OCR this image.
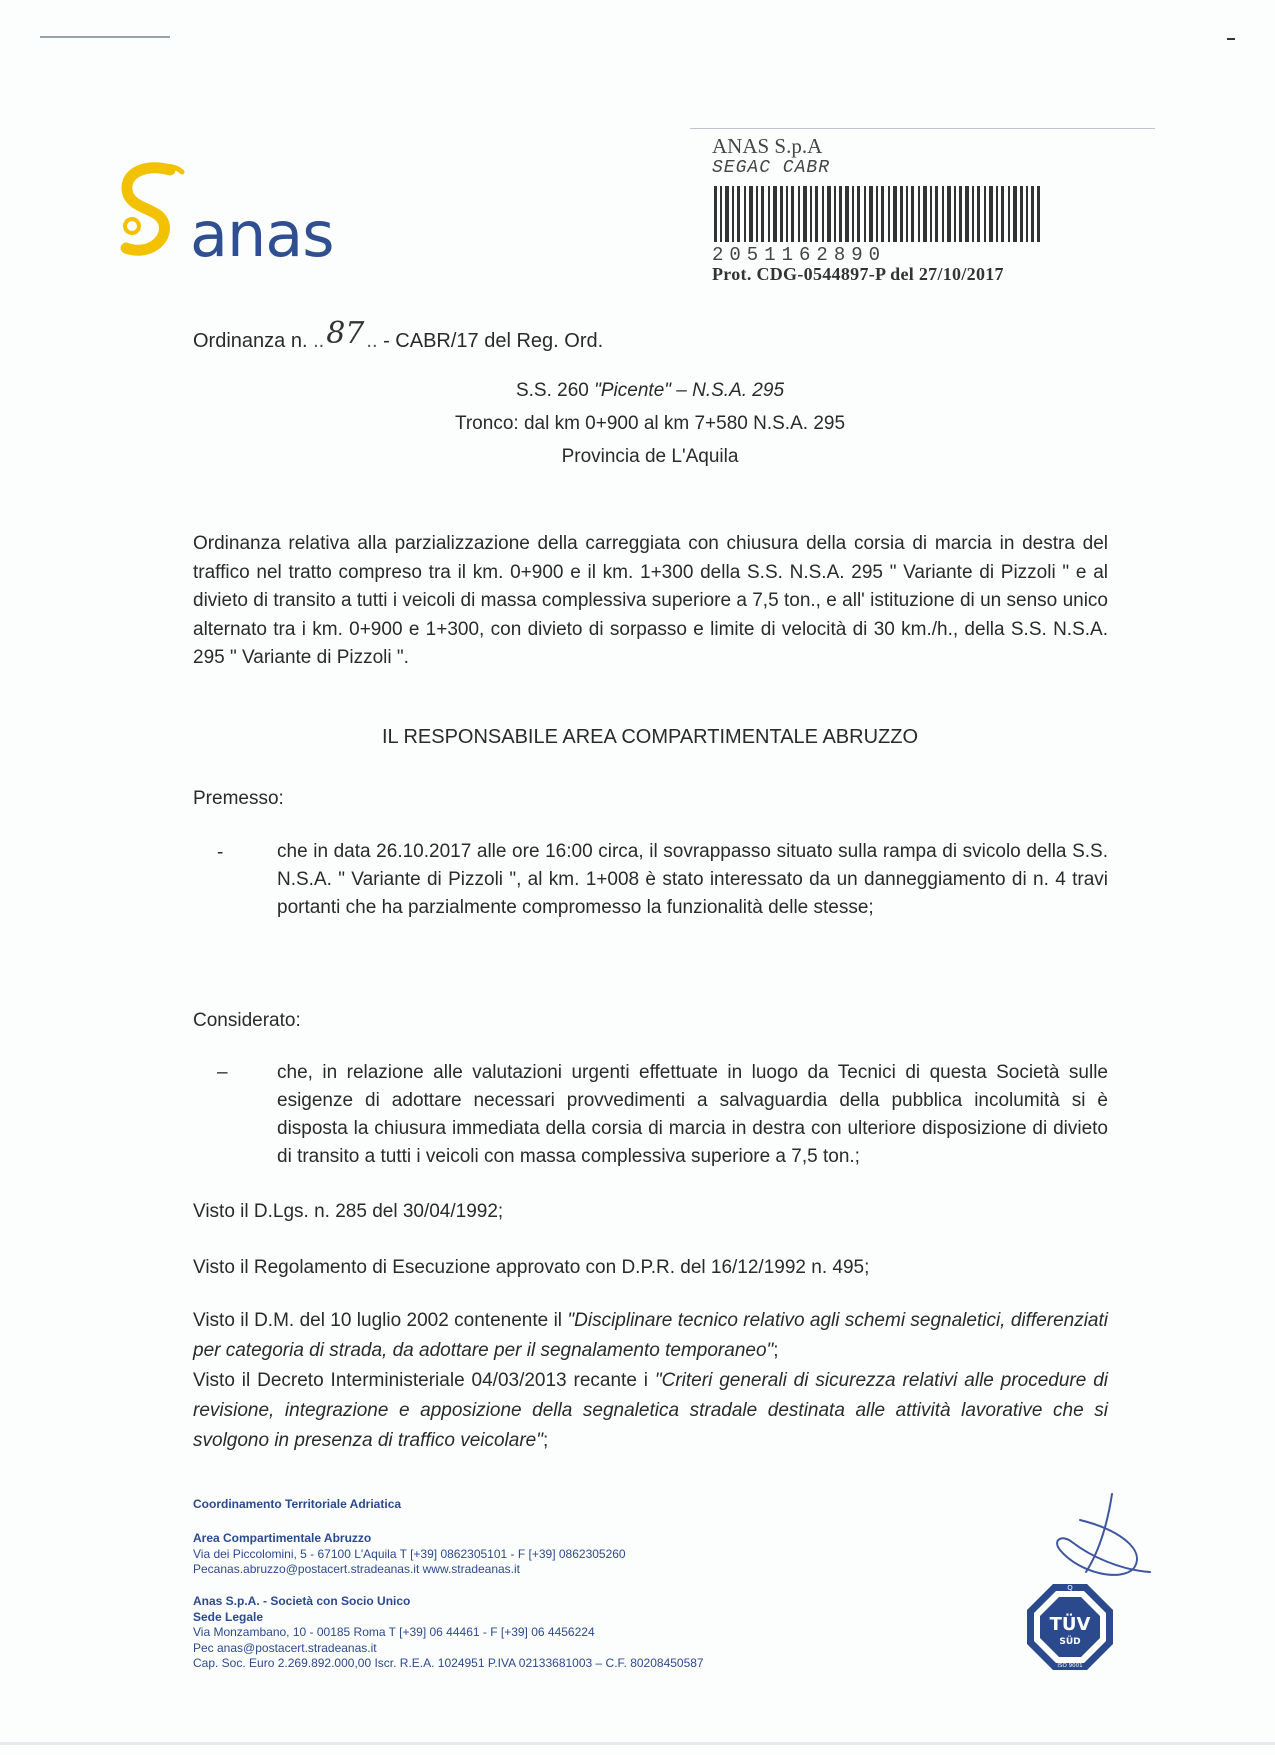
anas
ANAS S.p.A
SEGAC CABR
2051162890
Prot. CDG-0544897-P del 27/10/2017
Ordinanza n. ..87 .. - CABR/17 del Reg. Ord.
S.S. 260 "Picente" – N.S.A. 295
Tronco: dal km 0+900 al km 7+580 N.S.A. 295
Provincia de L'Aquila
Ordinanza relativa alla parzializzazione della carreggiata con chiusura della corsia di marcia in destra del traffico nel tratto compreso tra il km. 0+900 e il km. 1+300 della S.S. N.S.A. 295 " Variante di Pizzoli " e al divieto di transito a tutti i veicoli di massa complessiva superiore a 7,5 ton., e all' istituzione di un senso unico alternato tra i km. 0+900 e 1+300, con divieto di sorpasso e limite di velocità di 30 km./h., della S.S. N.S.A. 295 " Variante di Pizzoli ".
IL RESPONSABILE AREA COMPARTIMENTALE ABRUZZO
Premesso:
-	che in data 26.10.2017 alle ore 16:00 circa, il sovrappasso situato sulla rampa di svicolo della S.S. N.S.A. " Variante di Pizzoli ", al km. 1+008 è stato interessato da un danneggiamento di n. 4 travi portanti che ha parzialmente compromesso la funzionalità delle stesse;
Considerato:
–	che, in relazione alle valutazioni urgenti effettuate in luogo da Tecnici di questa Società sulle esigenze di adottare necessari provvedimenti a salvaguardia della pubblica incolumità si è disposta la chiusura immediata della corsia di marcia in destra con ulteriore disposizione di divieto di transito a tutti i veicoli con massa complessiva superiore a 7,5 ton.;
Visto il D.Lgs. n. 285 del 30/04/1992;
Visto il Regolamento di Esecuzione approvato con D.P.R. del 16/12/1992 n. 495;

Visto il D.M. del 10 luglio 2002 contenente il "Disciplinare tecnico relativo agli schemi segnaletici, differenziati per categoria di strada, da adottare per il segnalamento temporaneo";

Visto il Decreto Interministeriale 04/03/2013 recante i "Criteri generali di sicurezza relativi alle procedure di revisione, integrazione e apposizione della segnaletica stradale destinata alle attività lavorative che si svolgono in presenza di traffico veicolare";

Coordinamento Territoriale Adriatica
Area Compartimentale Abruzzo
Via dei Piccolomini, 5 - 67100 L'Aquila T [+39] 0862305101 - F [+39] 0862305260
Pecanas.abruzzo@postacert.stradeanas.it www.stradeanas.it
Anas S.p.A. - Società con Socio Unico
Sede Legale
Via Monzambano, 10 - 00185 Roma T [+39] 06 44461 - F [+39] 06 4456224
Pec anas@postacert.stradeanas.it
Cap. Soc. Euro 2.269.892.000,00 Iscr. R.E.A. 1024951 P.IVA 02133681003 – C.F. 80208450587
Q
TÜV
SÜD
ISO 9001
